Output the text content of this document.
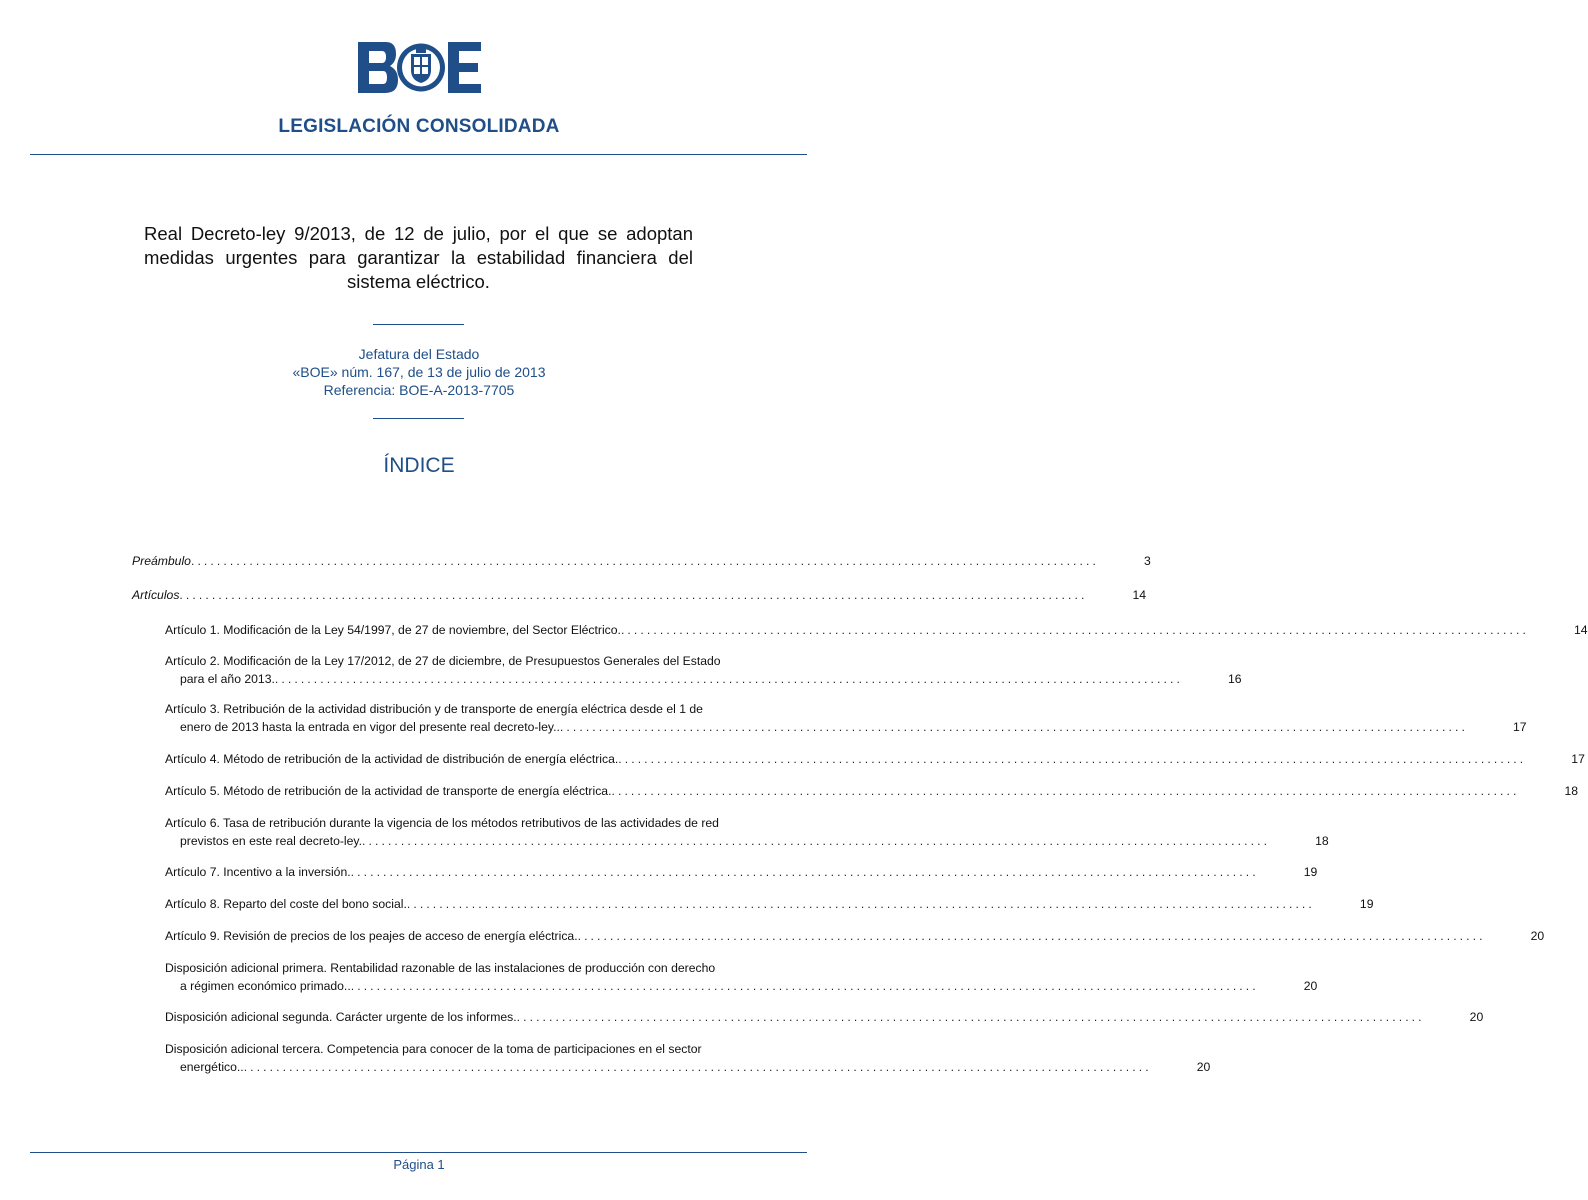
LEGISLACIÓN CONSOLIDADA
Real Decreto-ley 9/2013, de 12 de julio, por el que se adoptan medidas urgentes para garantizar la estabilidad financiera del sistema eléctrico.
Jefatura del Estado
«BOE» núm. 167, de 13 de julio de 2013
Referencia: BOE-A-2013-7705
ÍNDICE
Preámbulo ............................................................................................................................................	3
Artículos ............................................................................................................................................	14
Artículo 1. Modificación de la Ley 54/1997, de 27 de noviembre, del Sector Eléctrico. ............................................................................................................................................	14
Artículo 2. Modificación de la Ley 17/2012, de 27 de diciembre, de Presupuestos Generales del Estado
para el año 2013. ............................................................................................................................................	16
Artículo 3. Retribución de la actividad distribución y de transporte de energía eléctrica desde el 1 de
enero de 2013 hasta la entrada en vigor del presente real decreto-ley.. ............................................................................................................................................	17
Artículo 4. Método de retribución de la actividad de distribución de energía eléctrica. ............................................................................................................................................	17
Artículo 5. Método de retribución de la actividad de transporte de energía eléctrica. ............................................................................................................................................	18
Artículo 6. Tasa de retribución durante la vigencia de los métodos retributivos de las actividades de red
previstos en este real decreto-ley. ............................................................................................................................................	18
Artículo 7. Incentivo a la inversión. ............................................................................................................................................	19
Artículo 8. Reparto del coste del bono social. ............................................................................................................................................	19
Artículo 9. Revisión de precios de los peajes de acceso de energía eléctrica. ............................................................................................................................................	20
Disposición adicional primera. Rentabilidad razonable de las instalaciones de producción con derecho
a régimen económico primado.. ............................................................................................................................................	20
Disposición adicional segunda. Carácter urgente de los informes. ............................................................................................................................................	20
Disposición adicional tercera. Competencia para conocer de la toma de participaciones en el sector
energético.. ............................................................................................................................................	20
Página 1
